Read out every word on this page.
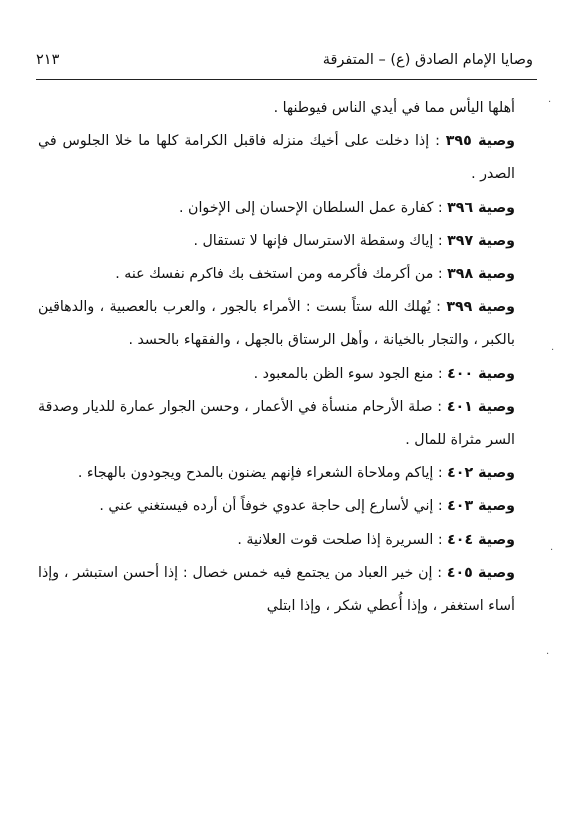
وصايا الإمام الصادق (ع) – المتفرقة
٢١٣

أهلها اليأس مما في أيدي الناس فيوطنها .

وصية ٣٩٥ : إذا دخلت على أخيك منزله فاقبل الكرامة كلها ما خلا الجلوس في الصدر .

وصية ٣٩٦ : كفارة عمل السلطان الإحسان إلى الإخوان .

وصية ٣٩٧ : إياك وسقطة الاسترسال فإنها لا تستقال .

وصية ٣٩٨ : من أكرمك فأكرمه ومن استخف بك فاكرم نفسك عنه .

وصية ٣٩٩ : يُهلك الله ستاً بست : الأمراء بالجور ، والعرب بالعصبية ، والدهاقين بالكبر ، والتجار بالخيانة ، وأهل الرستاق بالجهل ، والفقهاء بالحسد .

وصية ٤٠٠ : منع الجود سوء الظن بالمعبود .

وصية ٤٠١ : صلة الأرحام منسأة في الأعمار ، وحسن الجوار عمارة للديار وصدقة السر مثراة للمال .

وصية ٤٠٢ : إياكم وملاحاة الشعراء فإنهم يضنون بالمدح ويجودون بالهجاء .

وصية ٤٠٣ : إني لأسارع إلى حاجة عدوي خوفاً أن أرده فيستغني عني .

وصية ٤٠٤ : السريرة إذا صلحت قوت العلانية .

وصية ٤٠٥ : إن خير العباد من يجتمع فيه خمس خصال : إذا أحسن استبشر ، وإذا أساء استغفر ، وإذا أُعطي شكر ، وإذا ابتلي

·
·
·
·
